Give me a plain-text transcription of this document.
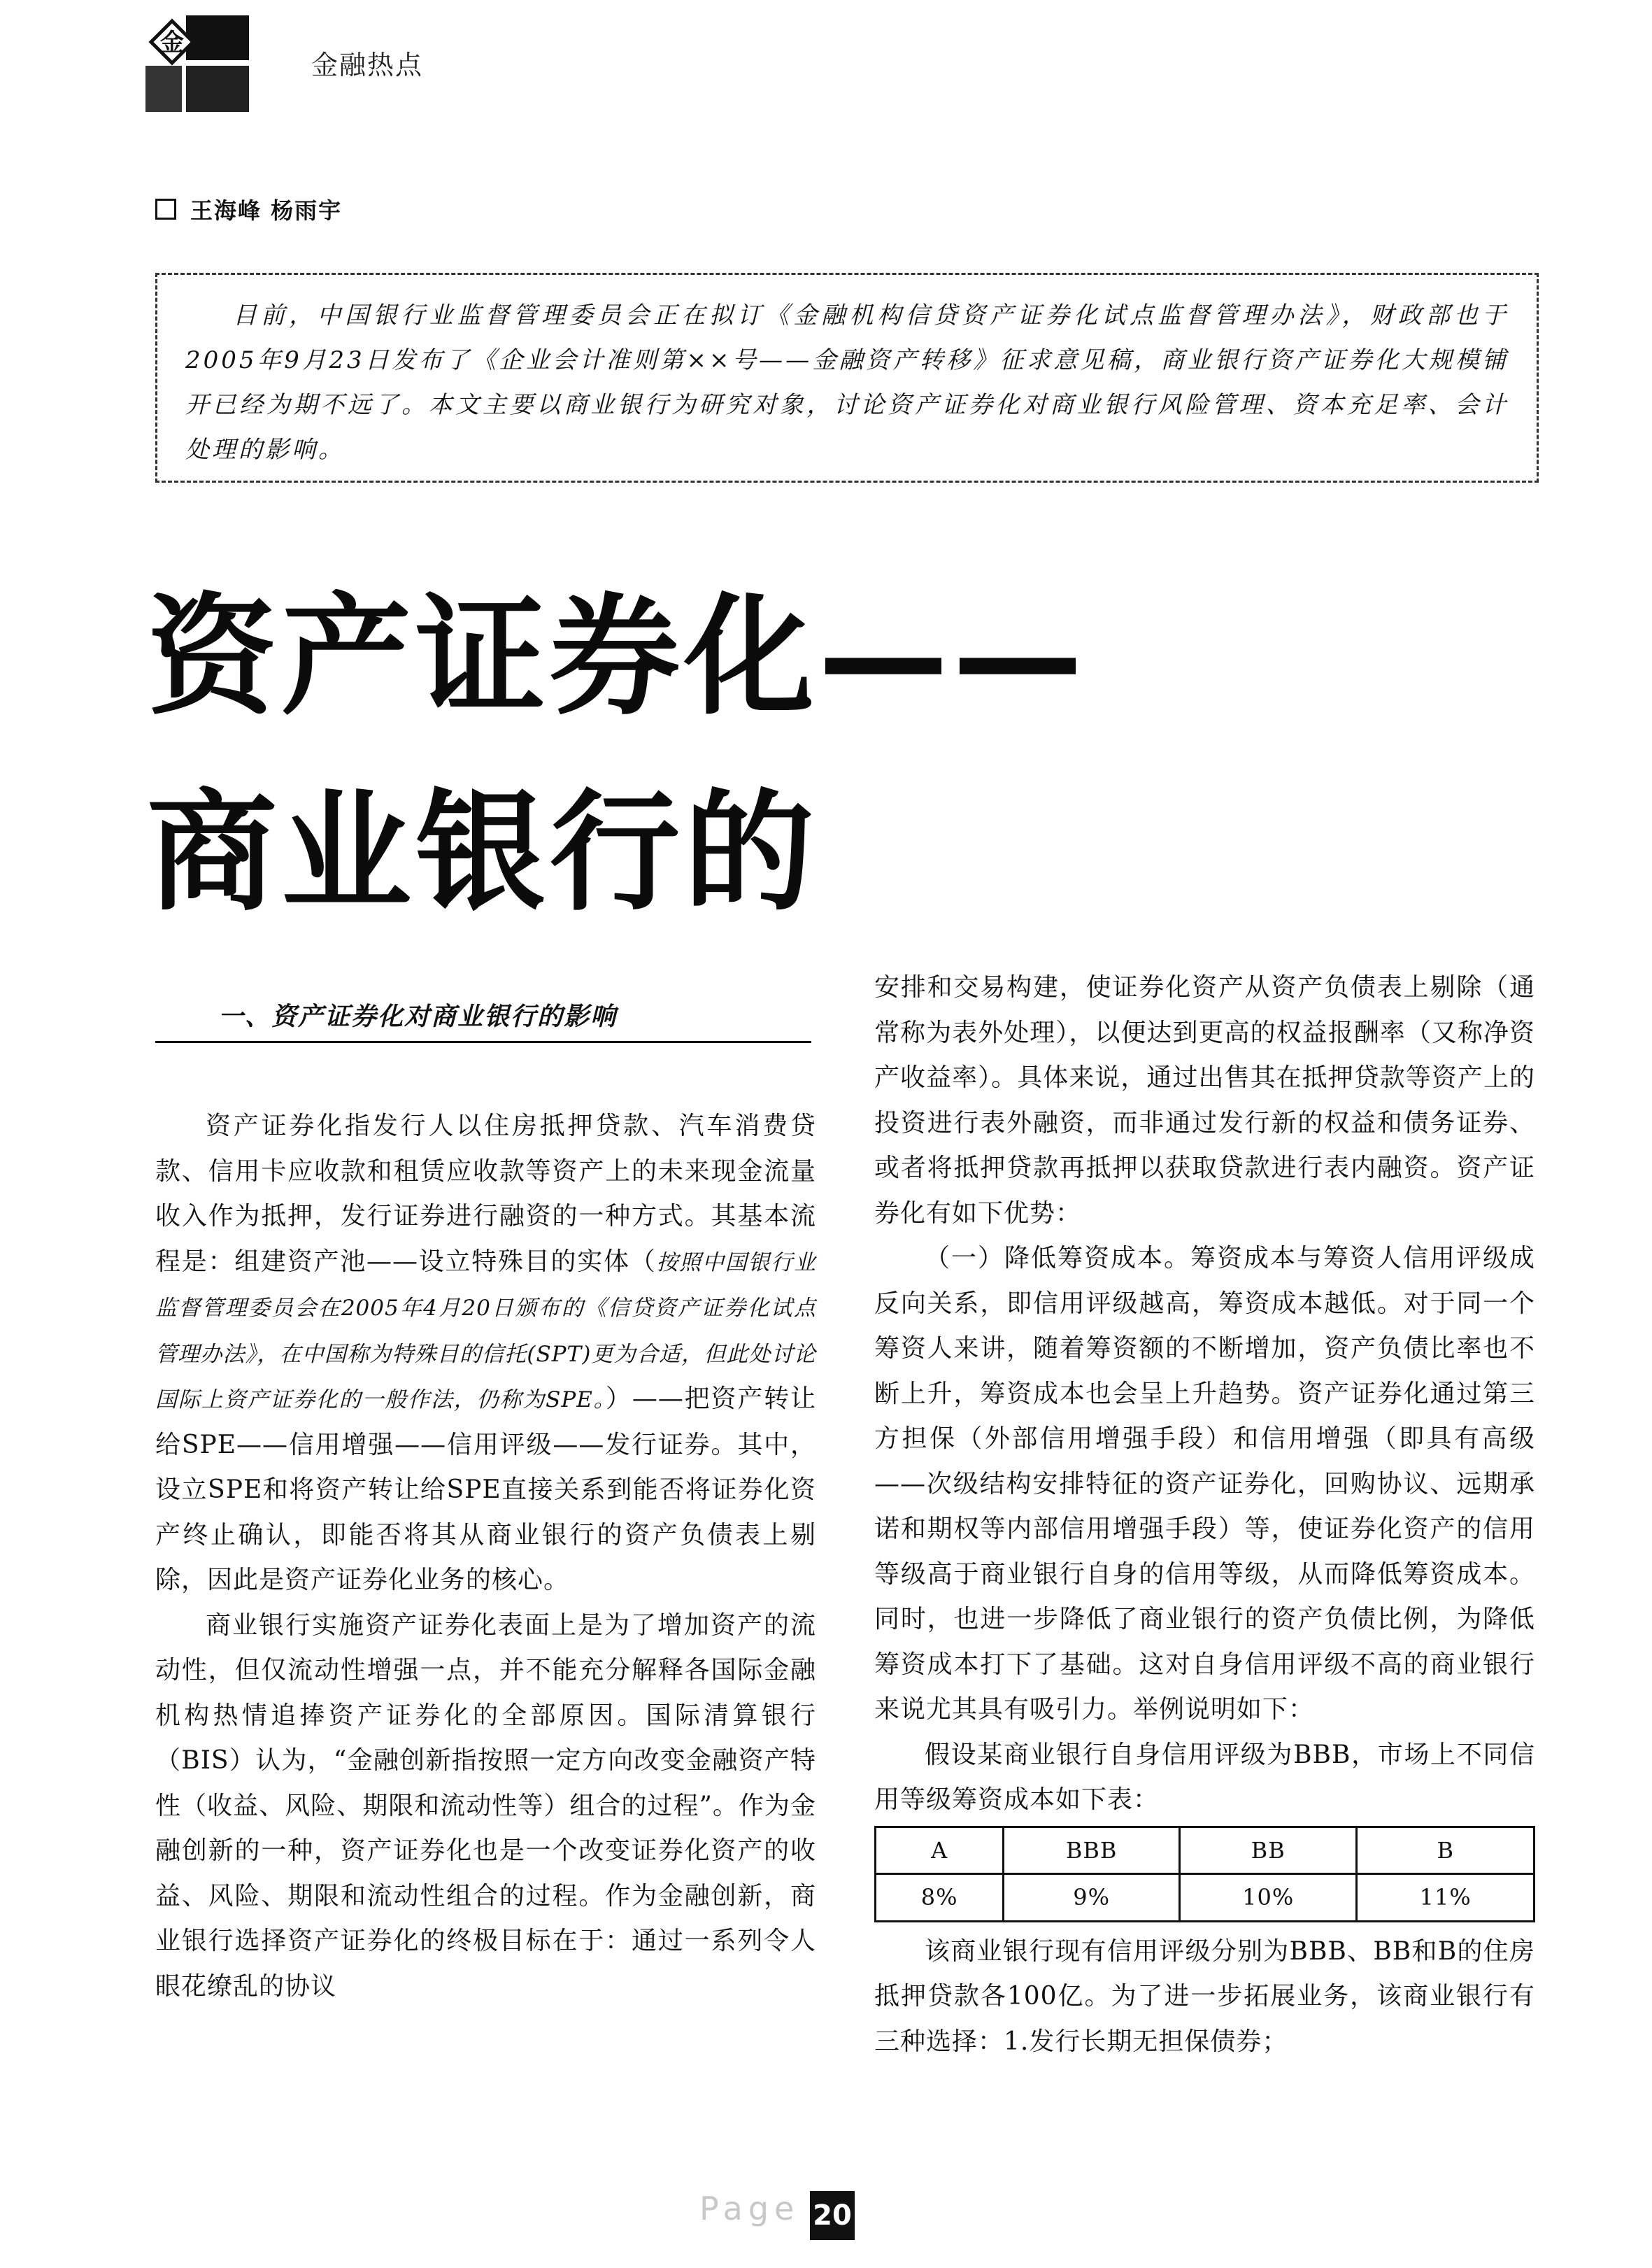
金
金融热点
王海峰 杨雨宇

目前，中国银行业监督管理委员会正在拟订《金融机构信贷资产证券化试点监督管理办法》，财政部也于2005年9月23日发布了《企业会计准则第××号——金融资产转移》征求意见稿，商业银行资产证券化大规模铺开已经为期不远了。本文主要以商业银行为研究对象，讨论资产证券化对商业银行风险管理、资本充足率、会计处理的影响。

资产证券化——
商业银行的
一、资产证券化对商业银行的影响

资产证券化指发行人以住房抵押贷款、汽车消费贷款、信用卡应收款和租赁应收款等资产上的未来现金流量收入作为抵押，发行证券进行融资的一种方式。其基本流程是：组建资产池——设立特殊目的实体（按照中国银行业监督管理委员会在2005年4月20日颁布的《信贷资产证券化试点管理办法》，在中国称为特殊目的信托(SPT)更为合适，但此处讨论国际上资产证券化的一般作法，仍称为SPE。）——把资产转让给SPE——信用增强——信用评级——发行证券。其中，设立SPE和将资产转让给SPE直接关系到能否将证券化资产终止确认，即能否将其从商业银行的资产负债表上剔除，因此是资产证券化业务的核心。

商业银行实施资产证券化表面上是为了增加资产的流动性，但仅流动性增强一点，并不能充分解释各国际金融机构热情追捧资产证券化的全部原因。国际清算银行（BIS）认为，“金融创新指按照一定方向改变金融资产特性（收益、风险、期限和流动性等）组合的过程”。作为金融创新的一种，资产证券化也是一个改变证券化资产的收益、风险、期限和流动性组合的过程。作为金融创新，商业银行选择资产证券化的终极目标在于：通过一系列令人眼花缭乱的协议

安排和交易构建，使证券化资产从资产负债表上剔除（通常称为表外处理），以便达到更高的权益报酬率（又称净资产收益率）。具体来说，通过出售其在抵押贷款等资产上的投资进行表外融资，而非通过发行新的权益和债务证券、或者将抵押贷款再抵押以获取贷款进行表内融资。资产证券化有如下优势：

（一）降低筹资成本。筹资成本与筹资人信用评级成反向关系，即信用评级越高，筹资成本越低。对于同一个筹资人来讲，随着筹资额的不断增加，资产负债比率也不断上升，筹资成本也会呈上升趋势。资产证券化通过第三方担保（外部信用增强手段）和信用增强（即具有高级——次级结构安排特征的资产证券化，回购协议、远期承诺和期权等内部信用增强手段）等，使证券化资产的信用等级高于商业银行自身的信用等级，从而降低筹资成本。同时，也进一步降低了商业银行的资产负债比例，为降低筹资成本打下了基础。这对自身信用评级不高的商业银行来说尤其具有吸引力。举例说明如下：

假设某商业银行自身信用评级为BBB，市场上不同信用等级筹资成本如下表：

A	BBB	BB	B
8%	9%	10%	11%

该商业银行现有信用评级分别为BBB、BB和B的住房抵押贷款各100亿。为了进一步拓展业务，该商业银行有三种选择：1.发行长期无担保债券；

Page 20
